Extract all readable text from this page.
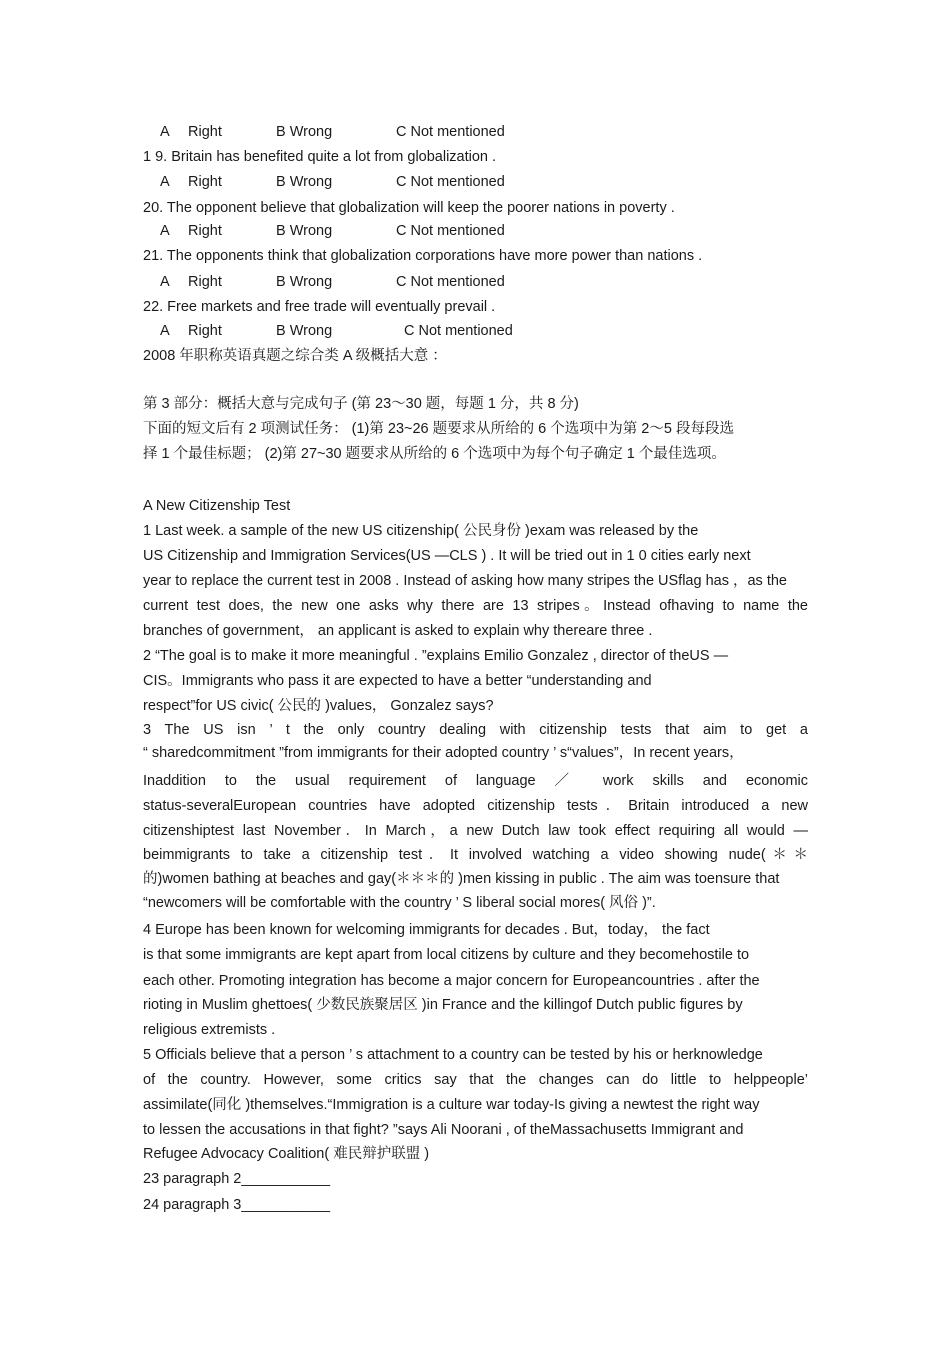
A Right	B Wrong	C Not mentioned
1 9. Britain has benefited quite a lot from globalization .
A Right	B Wrong	C Not mentioned
20. The opponent believe that globalization will keep the poorer nations in poverty .
A Right	B Wrong	C Not mentioned
21. The opponents think that globalization corporations have more power than nations .
A Right	B Wrong	C Not mentioned
22. Free markets and free trade will eventually prevail .
A Right	B Wrong	C Not mentioned
2008 年职称英语真题之综合类 A 级概括大意 ：
第 3 部分：概括大意与完成句子 (第 23～30 题，每题 1 分，共 8 分)
下面的短文后有 2 项测试任务： (1)第 23~26 题要求从所给的 6 个选项中为第 2～5 段每段选
择 1 个最佳标题； (2)第 27~30 题要求从所给的 6 个选项中为每个句子确定 1 个最佳选项。
A New Citizenship Test
1 Last week. a sample of the new US citizenship( 公民身份 )exam was released by the
US Citizenship and Immigration Services(US —CLS ) . It will be tried out in 1 0 cities early next
year to replace the current test in 2008 . Instead of asking how many stripes the USflag has ，as the
current test does, the new one asks why there are 13 stripes。Instead ofhaving to name the
branches of government， an applicant is asked to explain why thereare three .
2 “The goal is to make it more meaningful . ”explains Emilio Gonzalez , director of theUS —
CIS。Immigrants who pass it are expected to have a better “understanding and
respect”for US civic( 公民的 )values， Gonzalez says?
3 The US isn ’ t the only country dealing with citizenship tests that aim to get a
“ sharedcommitment ”from immigrants for their adopted country ’ s“values”，In recent years，
Inaddition to the usual requirement of language ／ work skills and economic
status-severalEuropean countries have adopted citizenship tests．Britain introduced a new
citizenshiptest last November．In March，a new Dutch law took effect requiring all would —
beimmigrants to take a citizenship test．It involved watching a video showing nude(＊＊
的)women bathing at beaches and gay(＊＊＊的 )men kissing in public . The aim was toensure that
“newcomers will be comfortable with the country ’ S liberal social mores( 风俗 )”.
4 Europe has been known for welcoming immigrants for decades . But，today， the fact
is that some immigrants are kept apart from local citizens by culture and they becomehostile to
each other. Promoting integration has become a major concern for Europeancountries . after the
rioting in Muslim ghettoes( 少数民族聚居区 )in France and the killingof Dutch public figures by
religious extremists .
5 Officials believe that a person ’ s attachment to a country can be tested by his or herknowledge
of the country. However, some critics say that the changes can do little to helppeople’
assimilate(同化 )themselves.“Immigration is a culture war today-Is giving a newtest the right way
to lessen the accusations in that fight? ”says Ali Noorani , of theMassachusetts Immigrant and
Refugee Advocacy Coalition( 难民辩护联盟 )
23 paragraph 2___________
24 paragraph 3___________
